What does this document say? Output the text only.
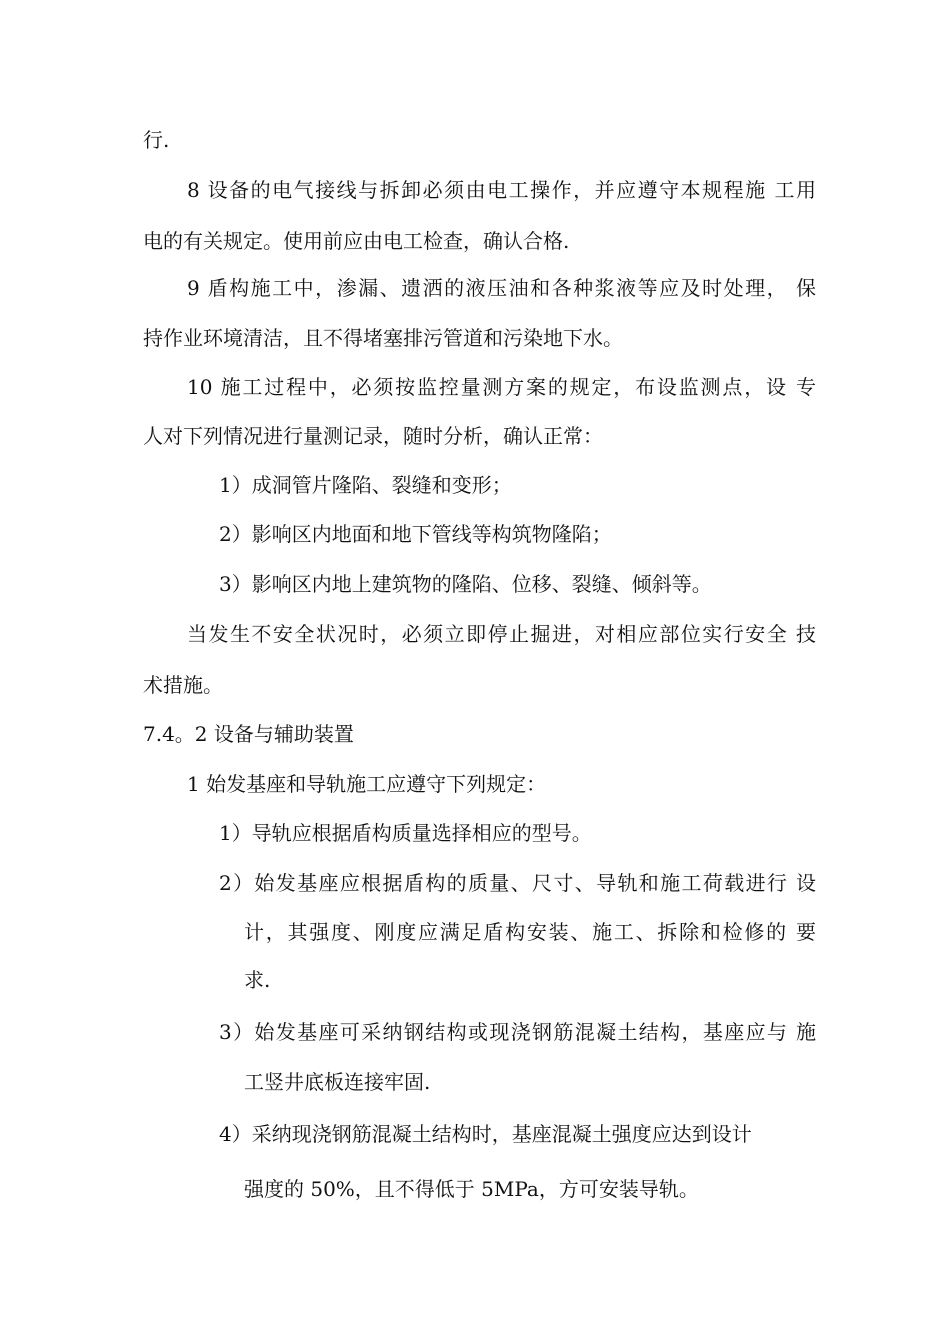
行.

8 设备的电气接线与拆卸必须由电工操作，并应遵守本规程施 工用

电的有关规定。使用前应由电工检查，确认合格.

9 盾构施工中，渗漏、遗洒的液压油和各种浆液等应及时处理， 保

持作业环境清洁，且不得堵塞排污管道和污染地下水。

10 施工过程中，必须按监控量测方案的规定，布设监测点，设 专

人对下列情况进行量测记录，随时分析，确认正常：

1）成洞管片隆陷、裂缝和变形；

2）影响区内地面和地下管线等构筑物隆陷；

3）影响区内地上建筑物的隆陷、位移、裂缝、倾斜等。

当发生不安全状况时，必须立即停止掘进，对相应部位实行安全 技

术措施。

7.4。2 设备与辅助装置

1 始发基座和导轨施工应遵守下列规定：

1）导轨应根据盾构质量选择相应的型号。

2）始发基座应根据盾构的质量、尺寸、导轨和施工荷载进行 设

计，其强度、刚度应满足盾构安装、施工、拆除和检修的 要

求.

3）始发基座可采纳钢结构或现浇钢筋混凝土结构，基座应与 施

工竖井底板连接牢固.

4）采纳现浇钢筋混凝土结构时，基座混凝土强度应达到设计

强度的 50%，且不得低于 5MPa，方可安装导轨。
